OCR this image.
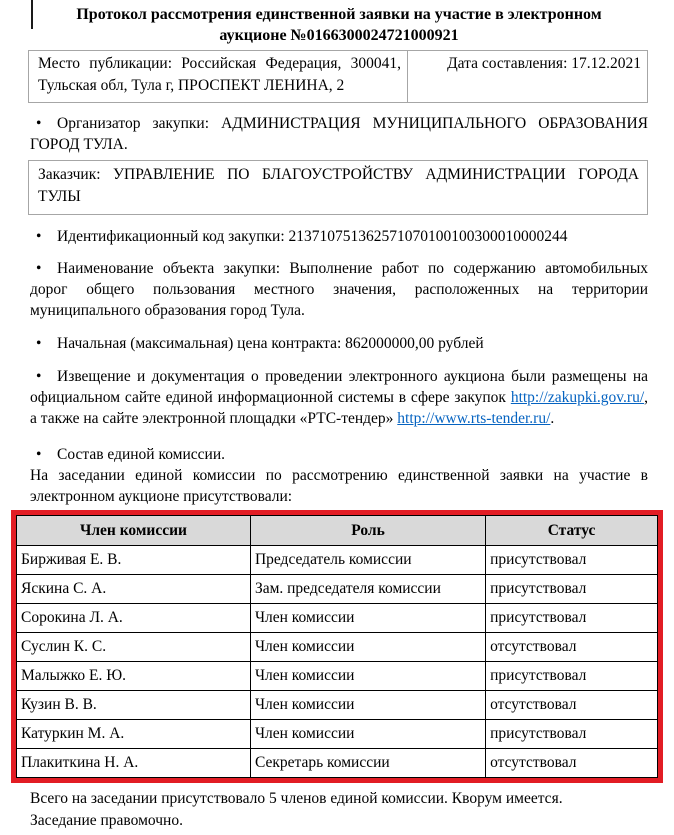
Протокол рассмотрения единственной заявки на участие в электронном
аукционе №0166300024721000921
Место публикации: Российская Федерация, 300041, Тульская обл, Тула г, ПРОСПЕКТ ЛЕНИНА, 2	Дата составления: 17.12.2021

• Организатор закупки: АДМИНИСТРАЦИЯ МУНИЦИПАЛЬНОГО ОБРАЗОВАНИЯ ГОРОД ТУЛА.

Заказчик: УПРАВЛЕНИЕ ПО БЛАГОУСТРОЙСТВУ АДМИНИСТРАЦИИ ГОРОДА ТУЛЫ

• Идентификационный код закупки: 213710751362571070100100300010000244

• Наименование объекта закупки: Выполнение работ по содержанию автомобильных дорог общего пользования местного значения, расположенных на территории муниципального образования город Тула.

• Начальная (максимальная) цена контракта: 862000000,00 рублей

• Извещение и документация о проведении электронного аукциона были размещены на официальном сайте единой информационной системы в сфере закупок http://zakupki.gov.ru/, а также на сайте электронной площадки «РТС-тендер» http://www.rts-tender.ru/.

• Состав единой комиссии.

На заседании единой комиссии по рассмотрению единственной заявки на участие в электронном аукционе присутствовали:

Член комиссии	Роль	Статус
Бирживая Е. В.	Председатель комиссии	присутствовал
Яскина С. А.	Зам. председателя комиссии	присутствовал
Сорокина Л. А.	Член комиссии	присутствовал
Суслин К. С.	Член комиссии	отсутствовал
Малыжко Е. Ю.	Член комиссии	присутствовал
Кузин В. В.	Член комиссии	отсутствовал
Катуркин М. А.	Член комиссии	присутствовал
Плакиткина Н. А.	Секретарь комиссии	отсутствовал
Всего на заседании присутствовало 5 членов единой комиссии. Кворум имеется.
Заседание правомочно.
